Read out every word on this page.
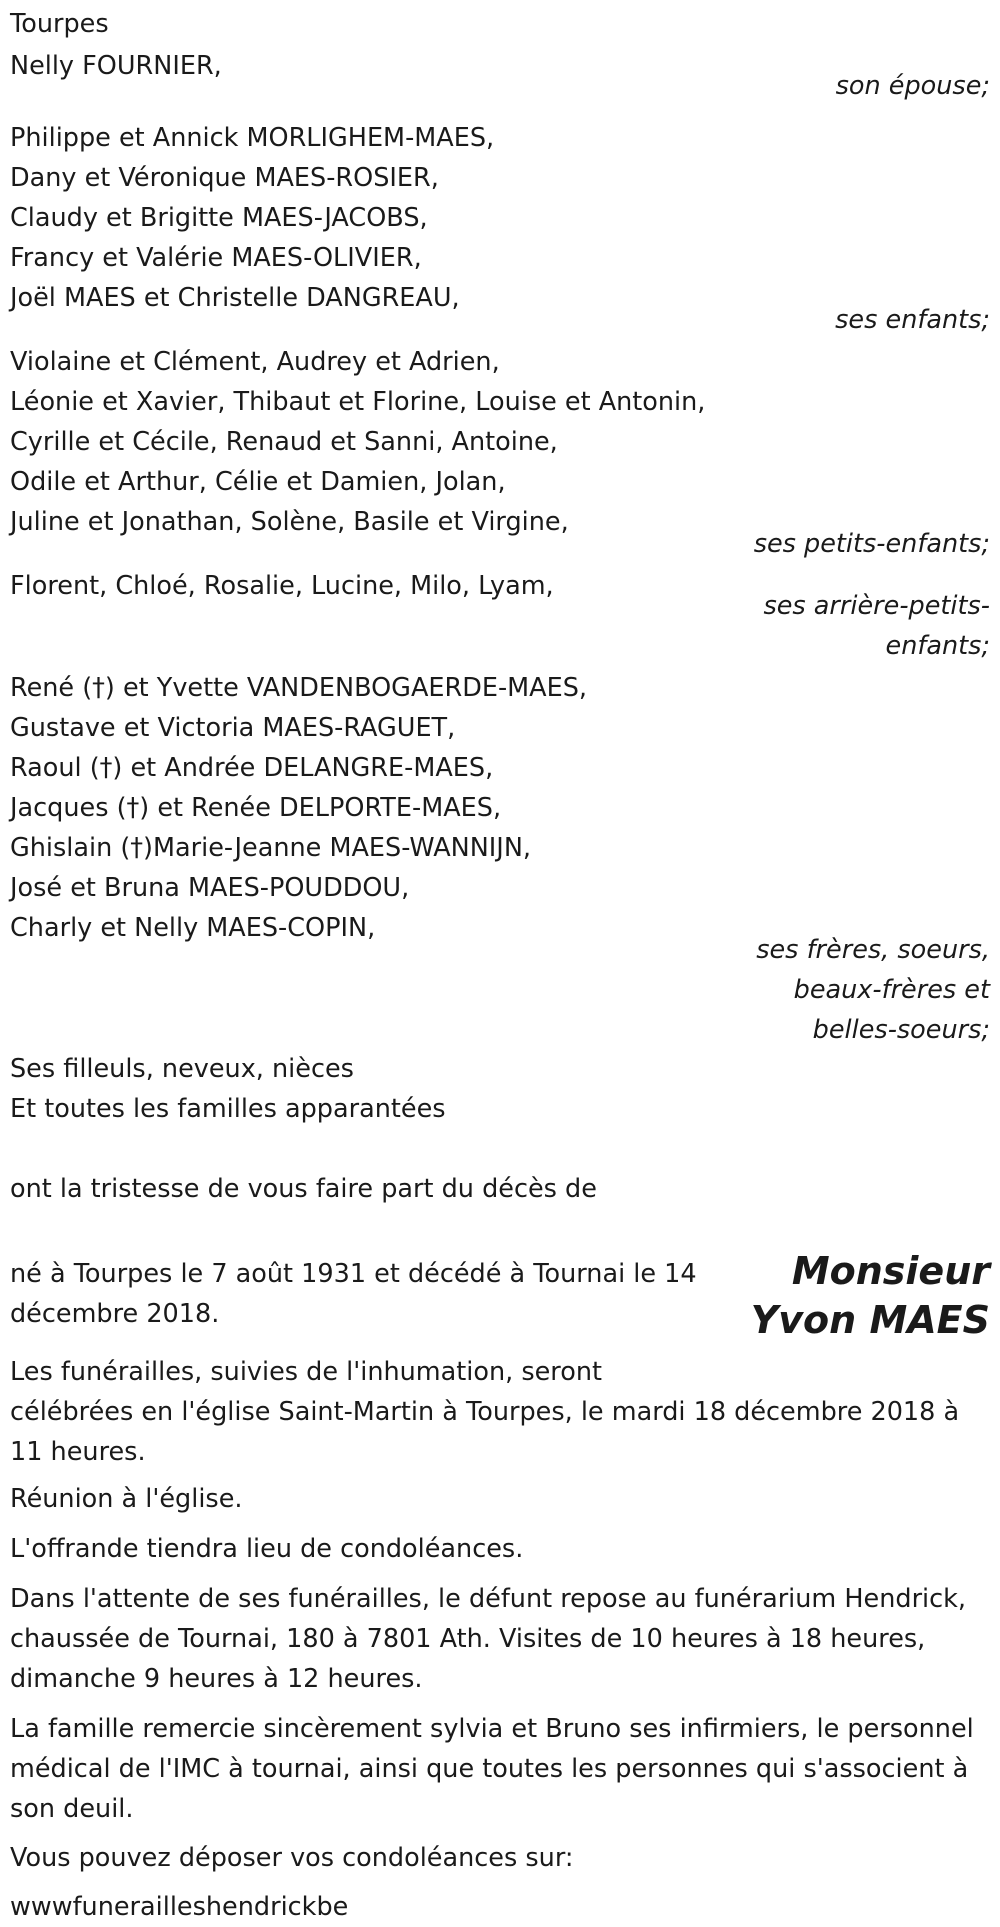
Tourpes
Nelly FOURNIER,
son épouse;
Philippe et Annick MORLIGHEM-MAES,
Dany et Véronique MAES-ROSIER,
Claudy et Brigitte MAES-JACOBS,
Francy et Valérie MAES-OLIVIER,
Joël MAES et Christelle DANGREAU,
ses enfants;
Violaine et Clément, Audrey et Adrien,
Léonie et Xavier, Thibaut et Florine, Louise et Antonin,
Cyrille et Cécile, Renaud et Sanni, Antoine,
Odile et Arthur, Célie et Damien, Jolan,
Juline et Jonathan, Solène, Basile et Virgine,
ses petits-enfants;
Florent, Chloé, Rosalie, Lucine, Milo, Lyam,
ses arrière-petits-
enfants;
René (†) et Yvette VANDENBOGAERDE-MAES,
Gustave et Victoria MAES-RAGUET,
Raoul (†) et Andrée DELANGRE-MAES,
Jacques (†) et Renée DELPORTE-MAES,
Ghislain (†)Marie-Jeanne MAES-WANNIJN,
José et Bruna MAES-POUDDOU,
Charly et Nelly MAES-COPIN,
ses frères, soeurs,
beaux-frères et
belles-soeurs;
Ses filleuls, neveux, nièces
Et toutes les familles apparantées
ont la tristesse de vous faire part du décès de
Monsieur
Yvon MAES
né à Tourpes le 7 août 1931 et décédé à Tournai le 14 décembre 2018.
Les funérailles, suivies de l'inhumation, seront
célébrées en l'église Saint-Martin à Tourpes, le mardi 18 décembre 2018 à 11 heures.
Réunion à l'église.
L'offrande tiendra lieu de condoléances.
Dans l'attente de ses funérailles, le défunt repose au funérarium Hendrick, chaussée de Tournai, 180 à 7801 Ath. Visites de 10 heures à 18 heures, dimanche 9 heures à 12 heures.
La famille remercie sincèrement sylvia et Bruno ses infirmiers, le personnel médical de l'IMC à tournai, ainsi que toutes les personnes qui s'associent à son deuil.
Vous pouvez déposer vos condoléances sur:
wwwfunerailleshendrickbe
